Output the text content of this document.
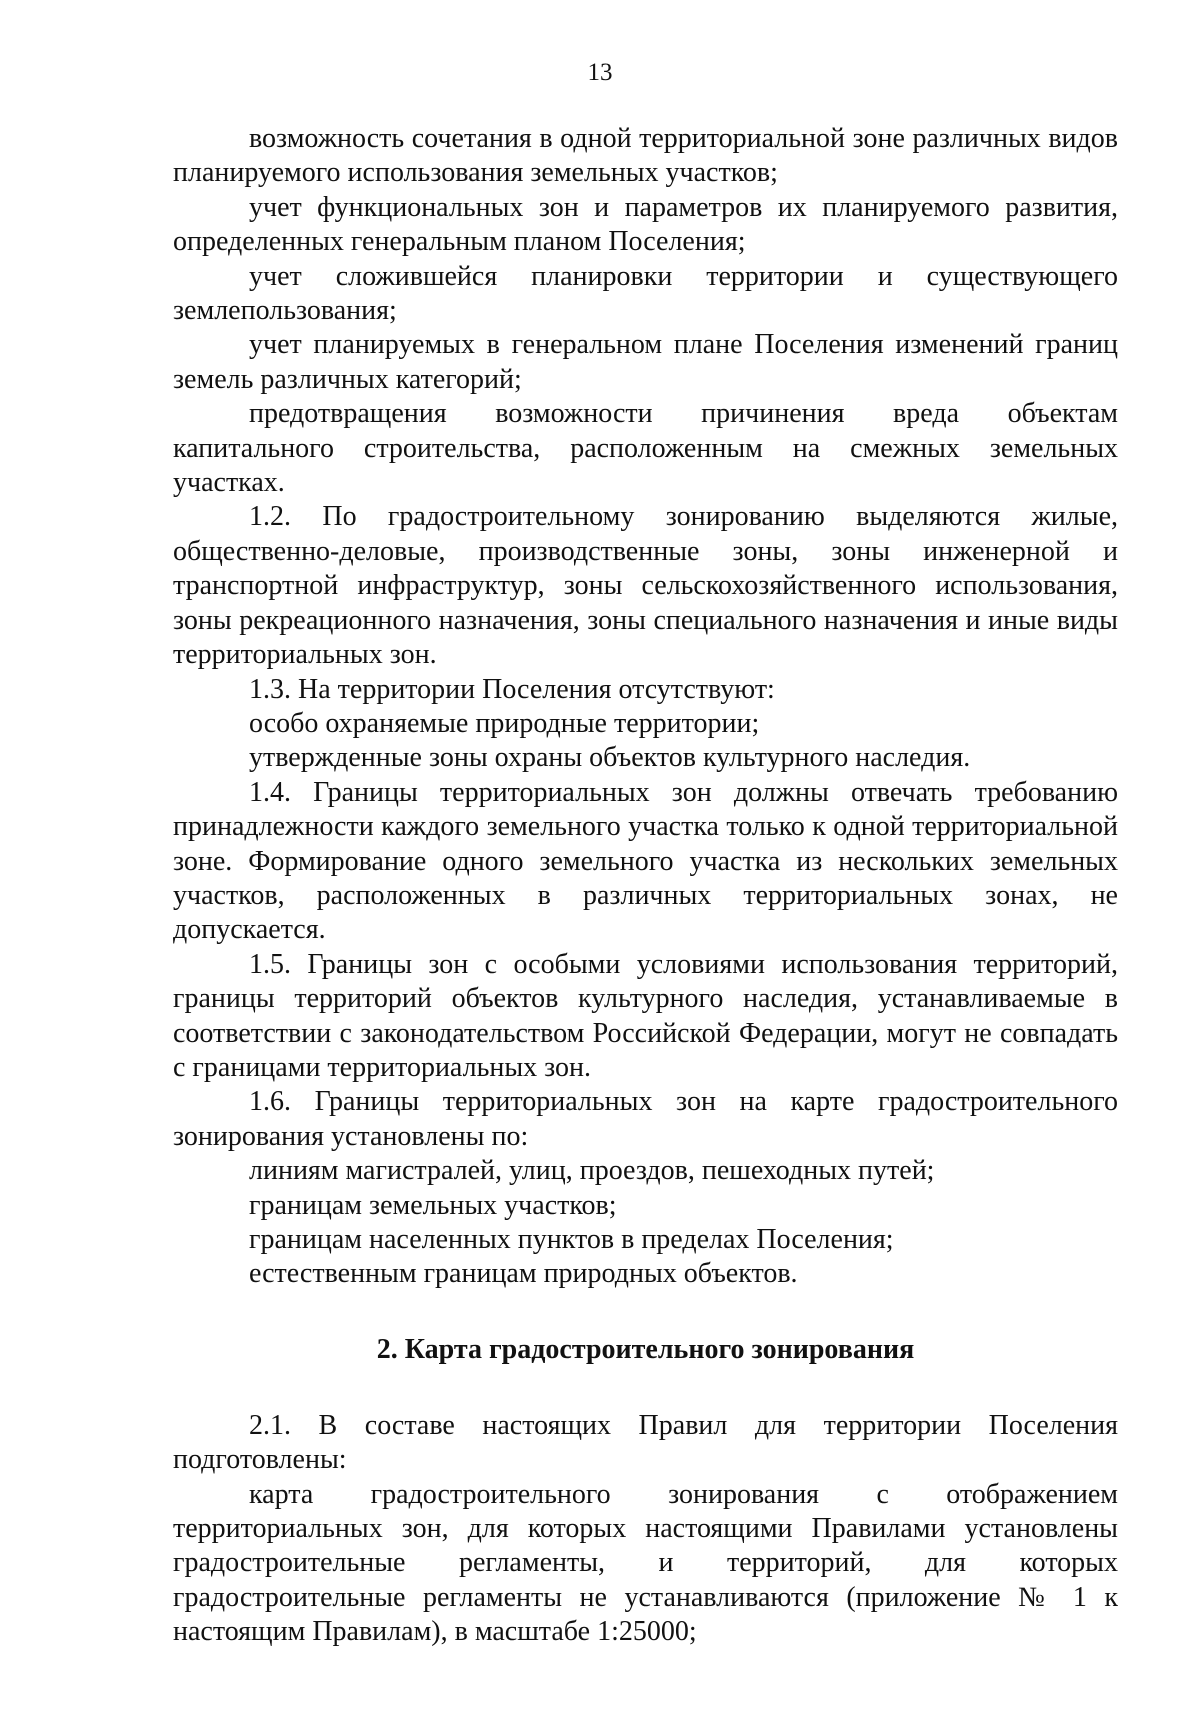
13

возможность сочетания в одной территориальной зоне различных видов планируемого использования земельных участков;

учет функциональных зон и параметров их планируемого развития, определенных генеральным планом Поселения;

учет сложившейся планировки территории и существующего землепользования;

учет планируемых в генеральном плане Поселения изменений границ земель различных категорий;

предотвращения возможности причинения вреда объектам капитального строительства, расположенным на смежных земельных участках.

1.2. По градостроительному зонированию выделяются жилые, общественно-деловые, производственные зоны, зоны инженерной и транспортной инфраструктур, зоны сельскохозяйственного использования, зоны рекреационного назначения, зоны специального назначения и иные виды территориальных зон.

1.3. На территории Поселения отсутствуют:

особо охраняемые природные территории;

утвержденные зоны охраны объектов культурного наследия.

1.4. Границы территориальных зон должны отвечать требованию принадлежности каждого земельного участка только к одной территориальной зоне. Формирование одного земельного участка из нескольких земельных участков, расположенных в различных территориальных зонах, не допускается.

1.5. Границы зон с особыми условиями использования территорий, границы территорий объектов культурного наследия, устанавливаемые в соответствии с законодательством Российской Федерации, могут не совпадать с границами территориальных зон.

1.6. Границы территориальных зон на карте градостроительного зонирования установлены по:

линиям магистралей, улиц, проездов, пешеходных путей;

границам земельных участков;

границам населенных пунктов в пределах Поселения;

естественным границам природных объектов.

2. Карта градостроительного зонирования

2.1. В составе настоящих Правил для территории Поселения подготовлены:

карта градостроительного зонирования с отображением территориальных зон, для которых настоящими Правилами установлены градостроительные регламенты, и территорий, для которых градостроительные регламенты не устанавливаются (приложение № 1 к настоящим Правилам), в масштабе 1:25000;
